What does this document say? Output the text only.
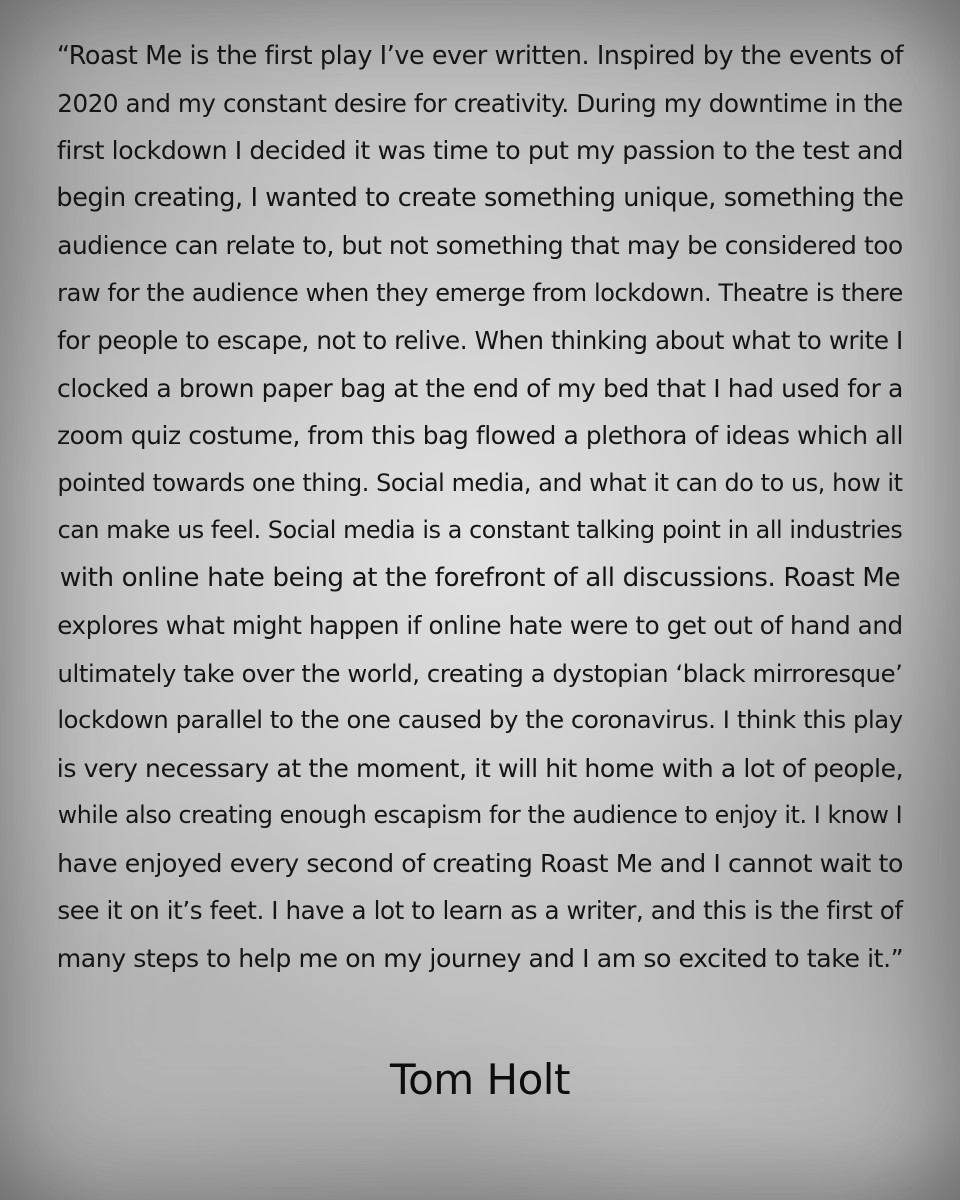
“Roast Me is the first play I’ve ever written. Inspired by the events of
2020 and my constant desire for creativity. During my downtime in the
first lockdown I decided it was time to put my passion to the test and
begin creating, I wanted to create something unique, something the
audience can relate to, but not something that may be considered too
raw for the audience when they emerge from lockdown. Theatre is there
for people to escape, not to relive. When thinking about what to write I
clocked a brown paper bag at the end of my bed that I had used for a
zoom quiz costume, from this bag flowed a plethora of ideas which all
pointed towards one thing. Social media, and what it can do to us, how it
can make us feel. Social media is a constant talking point in all industries
with online hate being at the forefront of all discussions. Roast Me
explores what might happen if online hate were to get out of hand and
ultimately take over the world, creating a dystopian ‘black mirroresque’
lockdown parallel to the one caused by the coronavirus. I think this play
is very necessary at the moment, it will hit home with a lot of people,
while also creating enough escapism for the audience to enjoy it. I know I
have enjoyed every second of creating Roast Me and I cannot wait to
see it on it’s feet. I have a lot to learn as a writer, and this is the first of
many steps to help me on my journey and I am so excited to take it.”

Tom Holt
